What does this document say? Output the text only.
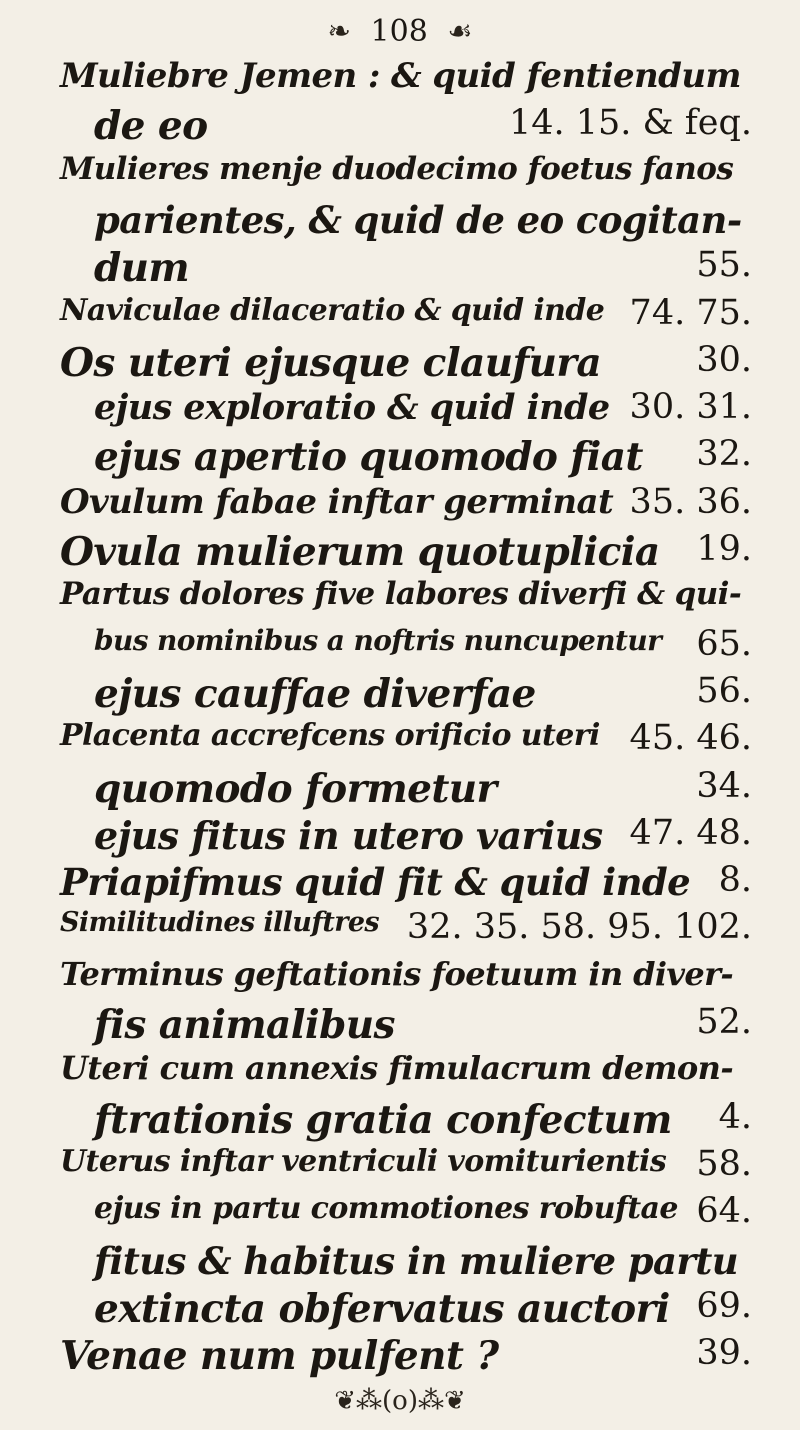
❧ 108 ☙
Muliebre Jemen : & quid fentiendum
de eo	14. 15. & feq.
Mulieres menje duodecimo foetus fanos
parientes, & quid de eo cogitan-
dum	55.
Naviculae dilaceratio & quid inde 74. 75.
Os uteri ejusque claufura	30.
ejus exploratio & quid inde 30. 31.
ejus apertio quomodo fiat 32.
Ovulum fabae inftar germinat 35. 36.
Ovula mulierum quotuplicia 19.
Partus dolores five labores diverfi & qui-
bus nominibus a noftris nuncupentur 65.
ejus cauffae diverfae	56.
Placenta accrefcens orificio uteri 45. 46.
quomodo formetur	34.
ejus fitus in utero varius 47. 48.
Priapifmus quid fit & quid inde 8.
Similitudines illuftres 32. 35. 58. 95. 102.
Terminus geftationis foetuum in diver-
fis animalibus	52.
Uteri cum annexis fimulacrum demon-
ftrationis gratia confectum 4.
Uterus inftar ventriculi vomiturientis 58.
ejus in partu commotiones robuftae 64.
fitus & habitus in muliere partu
extincta obfervatus auctori 69.
Venae num pulfent ?	39.
❦⁂(o)⁂❦
